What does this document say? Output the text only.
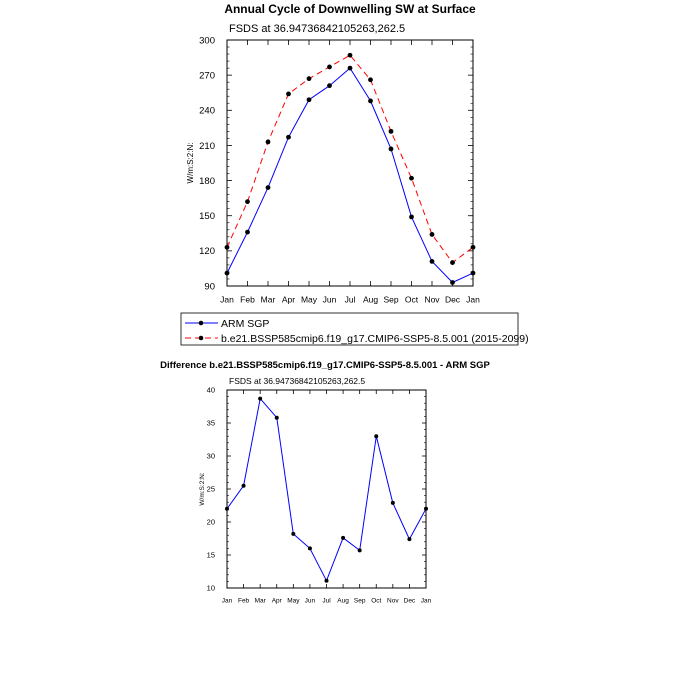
Annual Cycle of Downwelling SW at Surface
FSDS at 36.94736842105263,262.5
W/m:S:2:N:
90
120
150
180
210
240
270
300
Jan Feb Mar Apr May Jun Jul Aug Sep Oct Nov Dec Jan
ARM SGP
b.e21.BSSP585cmip6.f19_g17.CMIP6-SSP5-8.5.001 (2015-2099)
Difference b.e21.BSSP585cmip6.f19_g17.CMIP6-SSP5-8.5.001 - ARM SGP
FSDS at 36.94736842105263,262.5
W/m:S:2:N:
10
15
20
25
30
35
40
Jan Feb Mar Apr May Jun Jul Aug Sep Oct Nov Dec Jan
